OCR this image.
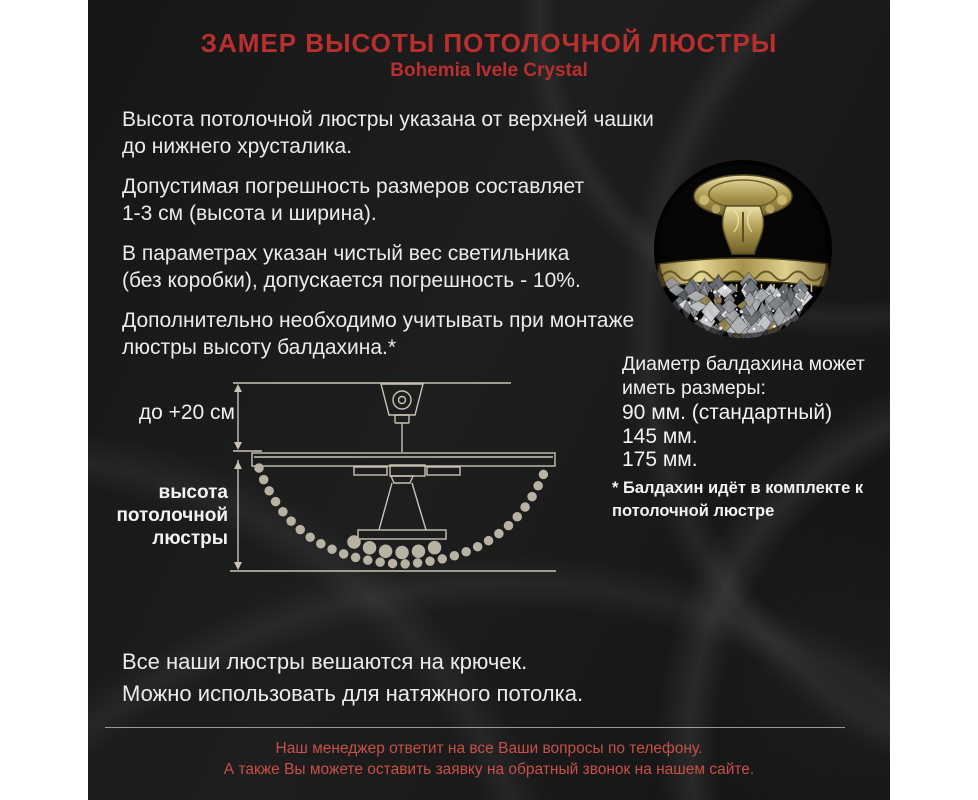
ЗАМЕР ВЫСОТЫ ПОТОЛОЧНОЙ ЛЮСТРЫ
Bohemia Ivele Crystal
Высота потолочной люстры указана от верхней чашки
до нижнего хрусталика.
Допустимая погрешность размеров составляет
1-3 см (высота и ширина).
В параметрах указан чистый вес светильника
(без коробки), допускается погрешность - 10%.
Дополнительно необходимо учитывать при монтаже
люстры высоту балдахина.*
Диаметр балдахина может
иметь размеры:
90 мм. (стандартный)
145 мм.
175 мм.
* Балдахин идёт в комплекте к
потолочной люстре
до +20 см
высота
потолочной
люстры
Все наши люстры вешаются на крючек.
Можно использовать для натяжного потолка.
Наш менеджер ответит на все Ваши вопросы по телефону.
А также Вы можете оставить заявку на обратный звонок на нашем сайте.
